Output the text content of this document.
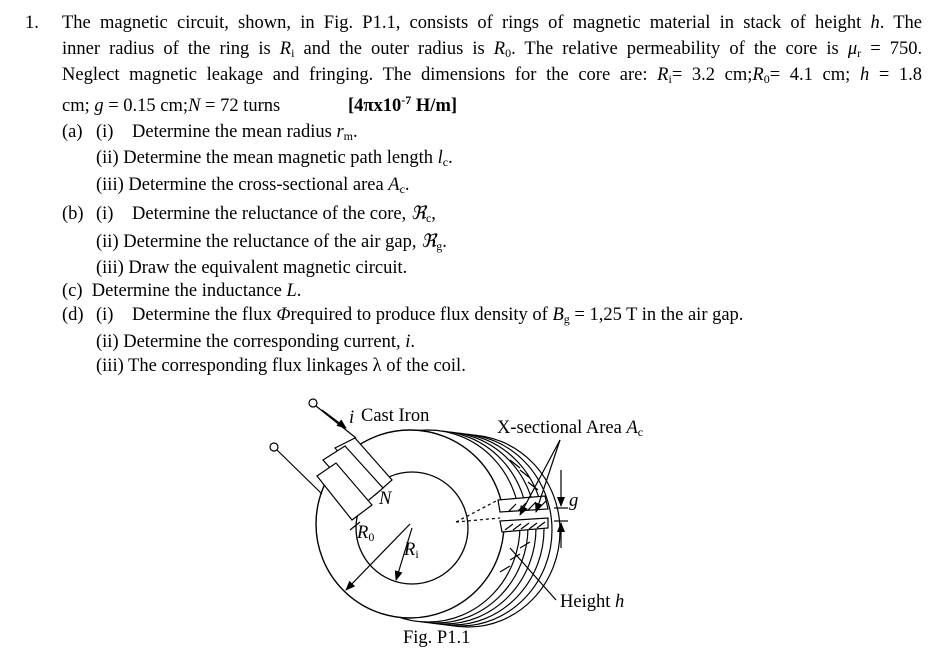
1. The magnetic circuit, shown, in Fig. P1.1, consists of rings of magnetic material in stack of height h. The
inner radius of the ring is $R_i$ and the outer radius is $R_0$. The relative permeability of the core is $\mu_r = 750$.
Neglect magnetic leakage and fringing. The dimensions for the core are: $R_i= 3.2$ $cm;R_0= 4.1$ cm; h = 1.8
cm; g = 0.15 cm;N = 72 turns	[$4\pi x10^{-7}$ H/m]
(a) (i) Determine the mean radius $r_m$.
(ii) Determine the mean magnetic path length $l_c$.
(iii) Determine the cross-sectional area $A_c$.
(b) (i) Determine the reluctance of the core, ℜ$_c$,
(ii) Determine the reluctance of the air gap, ℜ$_g$.
(iii) Draw the equivalent magnetic circuit.
(c) Determine the inductance L.
(d) (i) Determine the flux Φrequired to produce flux density of $B_g = 1,25$ T in the air gap.
(ii) Determine the corresponding current, i.
(iii) The corresponding flux linkages λ of the coil.
i Cast Iron
X-sectional Area $A_c$
N
$R_0$
$R_i$
g
Height h
Fig. P1.1
